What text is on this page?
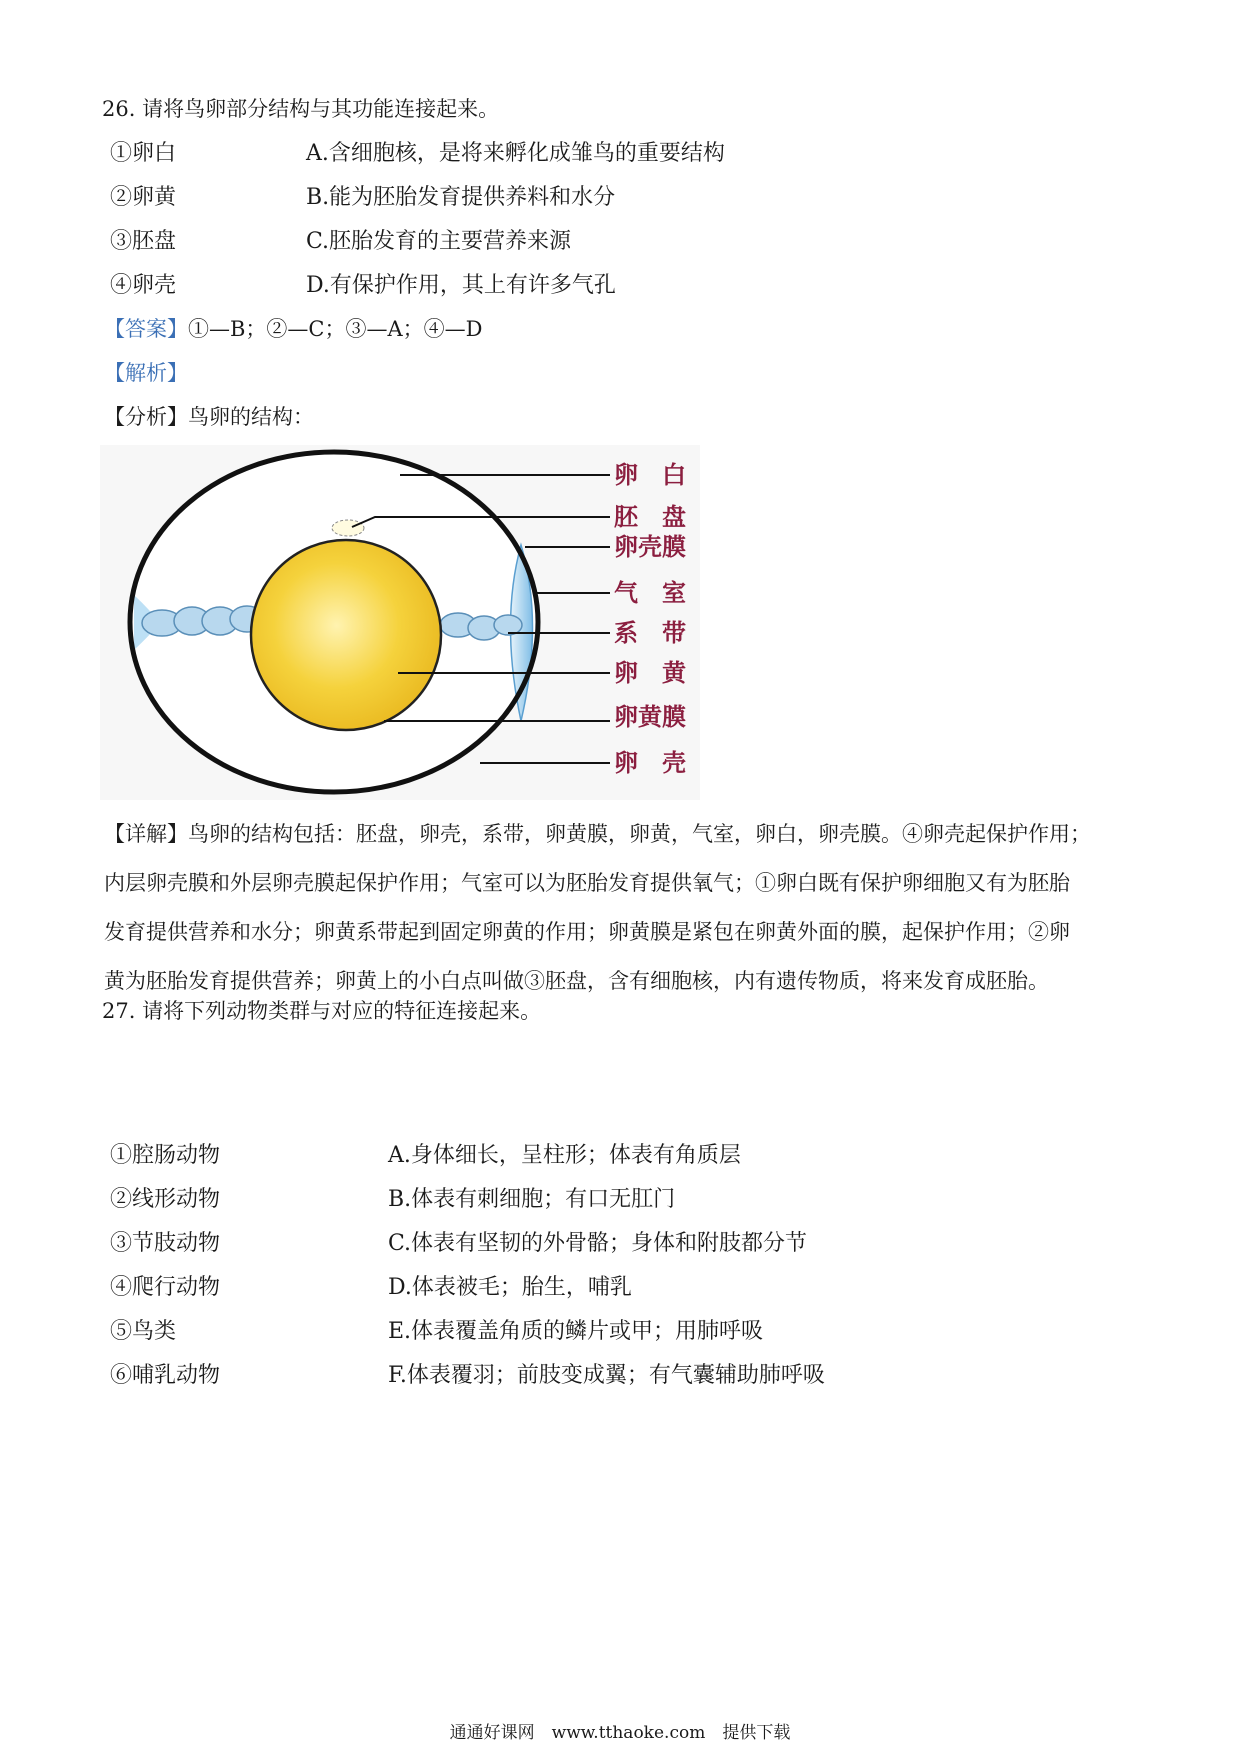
26. 请将鸟卵部分结构与其功能连接起来。
①卵白
②卵黄
③胚盘
④卵壳
A.含细胞核，是将来孵化成雏鸟的重要结构
B.能为胚胎发育提供养料和水分
C.胚胎发育的主要营养来源
D.有保护作用，其上有许多气孔
【答案】①—B；②—C；③—A；④—D
【解析】
【分析】鸟卵的结构：
卵　白
胚　盘
卵壳膜
气　室
系　带
卵　黄
卵黄膜
卵　壳
【详解】鸟卵的结构包括：胚盘，卵壳，系带，卵黄膜，卵黄，气室，卵白，卵壳膜。④卵壳起保护作用；
内层卵壳膜和外层卵壳膜起保护作用；气室可以为胚胎发育提供氧气；①卵白既有保护卵细胞又有为胚胎
发育提供营养和水分；卵黄系带起到固定卵黄的作用；卵黄膜是紧包在卵黄外面的膜，起保护作用；②卵
黄为胚胎发育提供营养；卵黄上的小白点叫做③胚盘，含有细胞核，内有遗传物质，将来发育成胚胎。
27. 请将下列动物类群与对应的特征连接起来。
①腔肠动物
②线形动物
③节肢动物
④爬行动物
⑤鸟类
⑥哺乳动物
A.身体细长，呈柱形；体表有角质层
B.体表有刺细胞；有口无肛门
C.体表有坚韧的外骨骼；身体和附肢都分节
D.体表被毛；胎生，哺乳
E.体表覆盖角质的鳞片或甲；用肺呼吸
F.体表覆羽；前肢变成翼；有气囊辅助肺呼吸
通通好课网　www.tthaoke.com　提供下载
